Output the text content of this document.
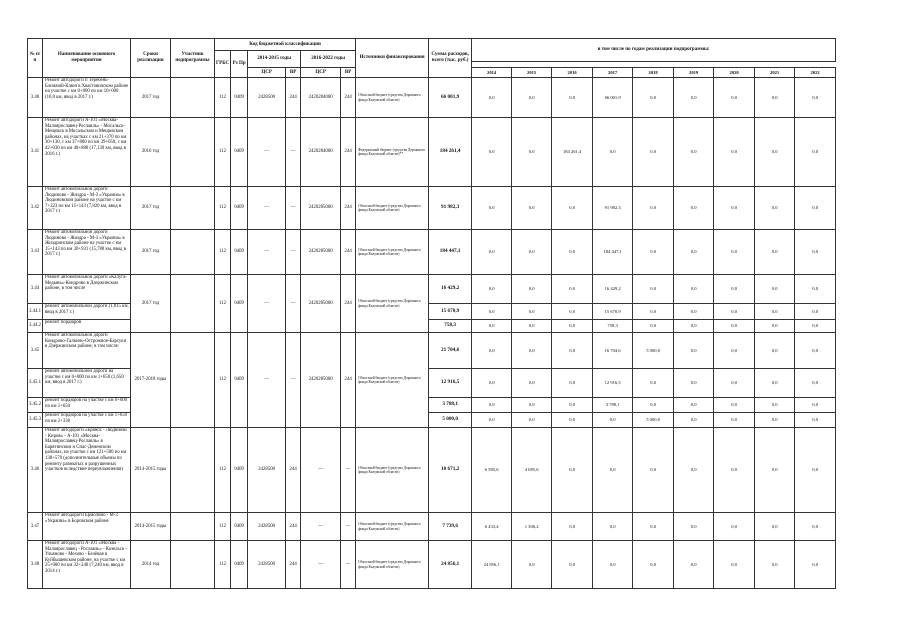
№ п/п	Наименование основного мероприятия	Сроки реализации	Участник подпрограммы	Код бюджетной классификации						Источники финансирования	Сумма расходов, всего (тыс. руб.)	в том числе по годам реализации подпрограммы:								
				ГРБС	Рз Пр	2014-2015 годы		2016-2022 годы												

						ЦСР	ВР	ЦСР	ВР			2014	2015	2016	2017	2018	2019	2020	2021	2022
3.40	Ремонт автодороги п Теребень-Ближний-Клюн в Хвастовичском районе на участке с км 0+000 по км 10+000 (10,0 км, ввод в 2017 г.)	2017 год		112	0409	2428500	244	2420284000	244	Областной бюджет (средства Дорожного фонда Калужской области)	66 001,9	0,0	0,0	0,0	66 001,9	0,0	0,0	0,0	0,0	0,0
3.41	Ремонт автодороги А-101 «Москва-Малоярославец-Рославль» - Мосальск-Мещовск в Мосальском и Мещовском районах, на участках с км 21+370 по км 30+130, с км 37+800 по км 39+050, с км 42+030 по км 48+880 (17,130 км, ввод в 2016 г.)	2016 год		112	0409	—	—	2420284000	244	Федеральный бюджет (средства Дорожного фонда Калужской области)**	184 261,4	0,0	0,0	184 261,4	0,0	0,0	0,0	0,0	0,0	0,0
3.42	Ремонт автомобильной дороги Людиново - Жиздра - М-3 «Украина» в Людиновском районе на участке с км 7+323 по км 15+143 (7,820 км, ввод в 2017 г.)	2017 год		112	0409	—	—	2420285000	244	Областной бюджет (средства Дорожного фонда Калужской области)	91 982,3	0,0	0,0	0,0	91 982,3	0,0	0,0	0,0	0,0	0,0
3.43	Ремонт автомобильной дороги Людиново - Жиздра - М-3 «Украина» в Жиздринском районе на участке с км 15+143 по км 30+931 (15,788 км, ввод в 2017 г.)	2017 год		112	0409	—	—	2420285000	244	Областной бюджет (средства Дорожного фонда Калужской области)	184 447,1	0,0	0,0	0,0	184 447,1	0,0	0,0	0,0	0,0	0,0
3.44	Ремонт автомобильной дороги «Калуга-Медынь»-Кондрово в Дзержинском районе, в том числе	2017 год		112	0409	—	—	2420285000	244	Областной бюджет (средства Дорожного фонда Калужской области)	16 429,2	0,0	0,0	0,0	16 429,2	0,0	0,0	0,0	0,0	0,0
3.44.1	ремонт автомобильной дороги (1,815 км, ввод в 2017 г.)										15 670,9	0,0	0,0	0,0	15 670,9	0,0	0,0	0,0	0,0	0,0
3.44.2	ремонт бордюров										758,3	0,0	0,0	0,0	758,3	0,0	0,0	0,0	0,0	0,0
3.45	Ремонт автомобильной дороги Кондрово-Галкино-Острожное-Барсуки в Дзержинском районе, в том числе:	2017-2018 годы		112	0409	—	—	2420285000	244	Областной бюджет (средства Дорожного фонда Калужской области)	21 704,6	0,0	0,0	0,0	16 704,6	5 000,0	0,0	0,0	0,0	0,0
3.45.1	ремонт автомобильной дороги на участке с км 0+000 по км 1+650 (1,650 км, ввод в 2017 г.)										12 916,5	0,0	0,0	0,0	12 916,5	0,0	0,0	0,0	0,0	0,0
3.45.2	ремонт бордюров на участке с км 0+000 по км 1+650										3 788,1	0,0	0,0	0,0	3 788,1	0,0	0,0	0,0	0,0	0,0
3.45.3	ремонт бордюров на участке с км 1+650 по км 2+330										5 000,0	0,0	0,0	0,0	0,0	5 000,0	0,0	0,0	0,0	0,0
3.46	Ремонт автодороги «Брянск - Людиново - Киров» - А-101 «Москва-Малоярославец-Рославль» в Барятинском и Спас-Деменском районах, на участке с км 121+500 по км 138+570 (дополнительные объемы по ремонту размытых и разрушенных участков вследствие переувлажнения)	2014-2015 годы		112	0409	2428500	244	—	—	Областной бюджет (средства Дорожного фонда Калужской области)	10 671,2	6 585,6	4 085,6	0,0	0,0	0,0	0,0	0,0	0,0	0,0
3.47	Ремонт автодороги Ермолино - М-3 «Украина» в Боровском районе	2014-2015 годы		112	0409	2428500	244	—	—	Областной бюджет (средства Дорожного фонда Калужской области)	7 739,6	6 433,4	1 306,2	0,0	0,0	0,0	0,0	0,0	0,0	0,0
3.48	Ремонт автодороги А-101 «Москва - Малоярославец - Рославль» - Козельск - Ульяново - Мехово - Белёвая в Куйбышевском районе, на участке с км 25+000 по км 32+240 (7,240 км, ввод в 2014 г.)	2014 год		112	0409	2428500	244	—	—	Областной бюджет (средства Дорожного фонда Калужской области)	24 856,1	24 856,1	0,0	0,0	0,0	0,0	0,0	0,0	0,0	0,0
